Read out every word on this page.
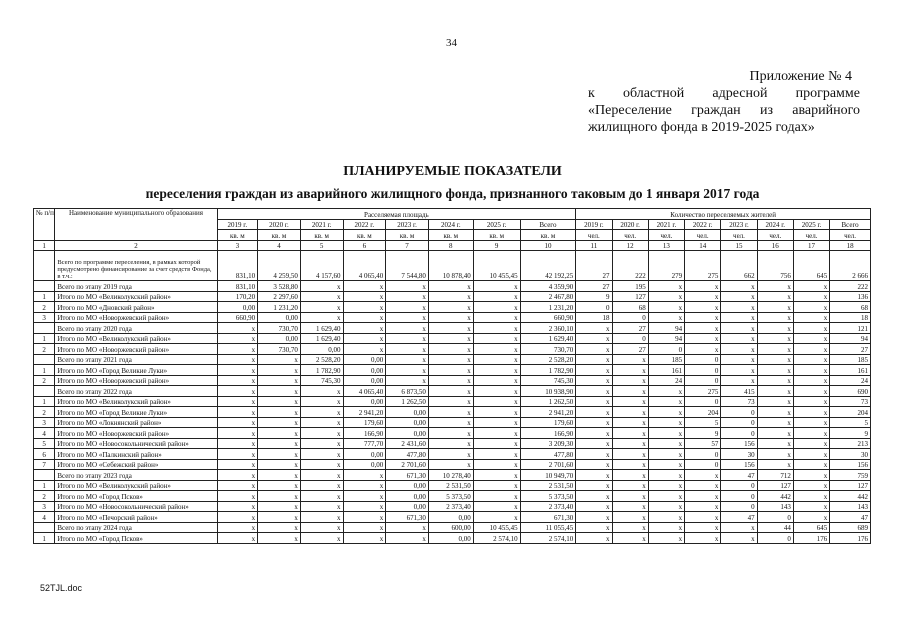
34
Приложение № 4
к областной адресной программе
«Переселение граждан из аварийного
жилищного фонда в 2019-2025 годах»
ПЛАНИРУЕМЫЕ ПОКАЗАТЕЛИ
переселения граждан из аварийного жилищного фонда, признанного таковым до 1 января 2017 года
№ п/п	Наименование муниципального образования	Расселяемая площадь								Количество переселяемых жителей							
		2019 г.	2020 г.	2021 г.	2022 г.	2023 г.	2024 г.	2025 г.	Всего	2019 г.	2020 г.	2021 г.	2022 г.	2023 г.	2024 г.	2025 г.	Всего
		кв. м	кв. м	кв. м	кв. м	кв. м	кв. м	кв. м	кв. м	чел.	чел.	чел.	чел.	чел.	чел.	чел.	чел.
1	2	3	4	5	6	7	8	9	10	11	12	13	14	15	16	17	18
	Всего по программе переселения, в рамках которой предусмотрено финансирование за счет средств Фонда, в т.ч.:	831,10	4 259,50	4 157,60	4 065,40	7 544,80	10 878,40	10 455,45	42 192,25	27	222	279	275	662	756	645	2 666
	Всего по этапу 2019 года	831,10	3 528,80	x	x	x	x	x	4 359,90	27	195	x	x	x	x	x	222
1	Итого по МО «Великолукский район»	170,20	2 297,60	x	x	x	x	x	2 467,80	9	127	x	x	x	x	x	136
2	Итого по МО «Дновский район»	0,00	1 231,20	x	x	x	x	x	1 231,20	0	68	x	x	x	x	x	68
3	Итого по МО «Новоржевский район»	660,90	0,00	x	x	x	x	x	660,90	18	0	x	x	x	x	x	18
	Всего по этапу 2020 года	x	730,70	1 629,40	x	x	x	x	2 360,10	x	27	94	x	x	x	x	121
1	Итого по МО «Великолукский район»	x	0,00	1 629,40	x	x	x	x	1 629,40	x	0	94	x	x	x	x	94
2	Итого по МО «Новоржевский район»	x	730,70	0,00	x	x	x	x	730,70	x	27	0	x	x	x	x	27
	Всего по этапу 2021 года	x	x	2 528,20	0,00	x	x	x	2 528,20	x	x	185	0	x	x	x	185
1	Итого по МО «Город Великие Луки»	x	x	1 782,90	0,00	x	x	x	1 782,90	x	x	161	0	x	x	x	161
2	Итого по МО «Новоржевский район»	x	x	745,30	0,00	x	x	x	745,30	x	x	24	0	x	x	x	24
	Всего по этапу 2022 года	x	x	x	4 065,40	6 873,50	x	x	10 938,90	x	x	x	275	415	x	x	690
1	Итого по МО «Великолукский район»	x	x	x	0,00	1 262,50	x	x	1 262,50	x	x	x	0	73	x	x	73
2	Итого по МО «Город Великие Луки»	x	x	x	2 941,20	0,00	x	x	2 941,20	x	x	x	204	0	x	x	204
3	Итого по МО «Локнянский район»	x	x	x	179,60	0,00	x	x	179,60	x	x	x	5	0	x	x	5
4	Итого по МО «Новоржевский район»	x	x	x	166,90	0,00	x	x	166,90	x	x	x	9	0	x	x	9
5	Итого по МО «Новосокольнический район»	x	x	x	777,70	2 431,60	x	x	3 209,30	x	x	x	57	156	x	x	213
6	Итого по МО «Палкинский район»	x	x	x	0,00	477,80	x	x	477,80	x	x	x	0	30	x	x	30
7	Итого по МО «Себежский район»	x	x	x	0,00	2 701,60	x	x	2 701,60	x	x	x	0	156	x	x	156
	Всего по этапу 2023 года	x	x	x	x	671,30	10 278,40	x	10 949,70	x	x	x	x	47	712	x	759
1	Итого по МО «Великолукский район»	x	x	x	x	0,00	2 531,50	x	2 531,50	x	x	x	x	0	127	x	127
2	Итого по МО «Город Псков»	x	x	x	x	0,00	5 373,50	x	5 373,50	x	x	x	x	0	442	x	442
3	Итого по МО «Новосокольнический район»	x	x	x	x	0,00	2 373,40	x	2 373,40	x	x	x	x	0	143	x	143
4	Итого по МО «Печорский район»	x	x	x	x	671,30	0,00	x	671,30	x	x	x	x	47	0	x	47
	Всего по этапу 2024 года	x	x	x	x	x	600,00	10 455,45	11 055,45	x	x	x	x	x	44	645	689
1	Итого по МО «Город Псков»	x	x	x	x	x	0,00	2 574,10	2 574,10	x	x	x	x	x	0	176	176
52TJL.doc
